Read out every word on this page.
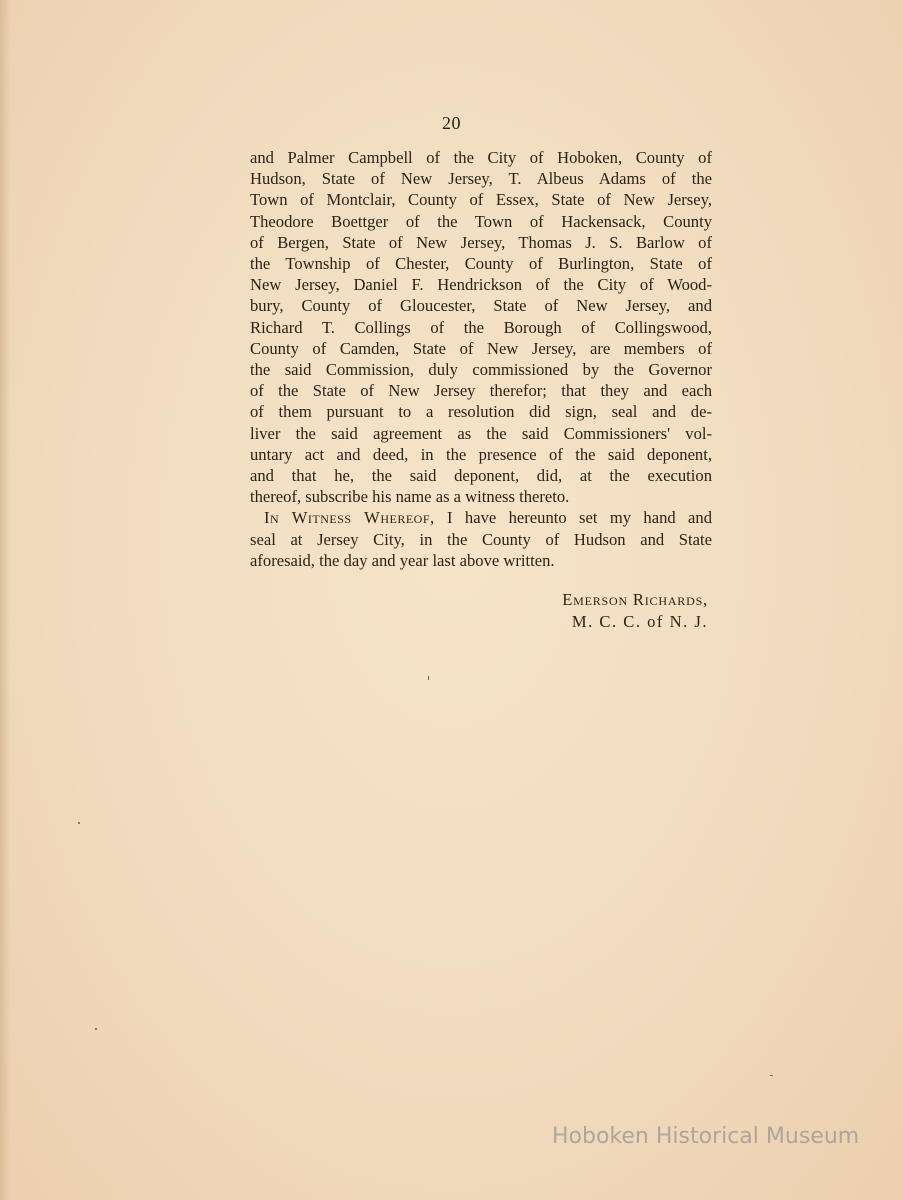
20
and Palmer Campbell of the City of Hoboken, County of
Hudson, State of New Jersey, T. Albeus Adams of the
Town of Montclair, County of Essex, State of New Jersey,
Theodore Boettger of the Town of Hackensack, County
of Bergen, State of New Jersey, Thomas J. S. Barlow of
the Township of Chester, County of Burlington, State of
New Jersey, Daniel F. Hendrickson of the City of Wood-
bury, County of Gloucester, State of New Jersey, and
Richard T. Collings of the Borough of Collingswood,
County of Camden, State of New Jersey, are members of
the said Commission, duly commissioned by the Governor
of the State of New Jersey therefor; that they and each
of them pursuant to a resolution did sign, seal and de-
liver the said agreement as the said Commissioners' vol-
untary act and deed, in the presence of the said deponent,
and that he, the said deponent, did, at the execution
thereof, subscribe his name as a witness thereto.
In Witness Whereof, I have hereunto set my hand and
seal at Jersey City, in the County of Hudson and State
aforesaid, the day and year last above written.
Emerson Richards,
M. C. C. of N. J.
Hoboken Historical Museum
